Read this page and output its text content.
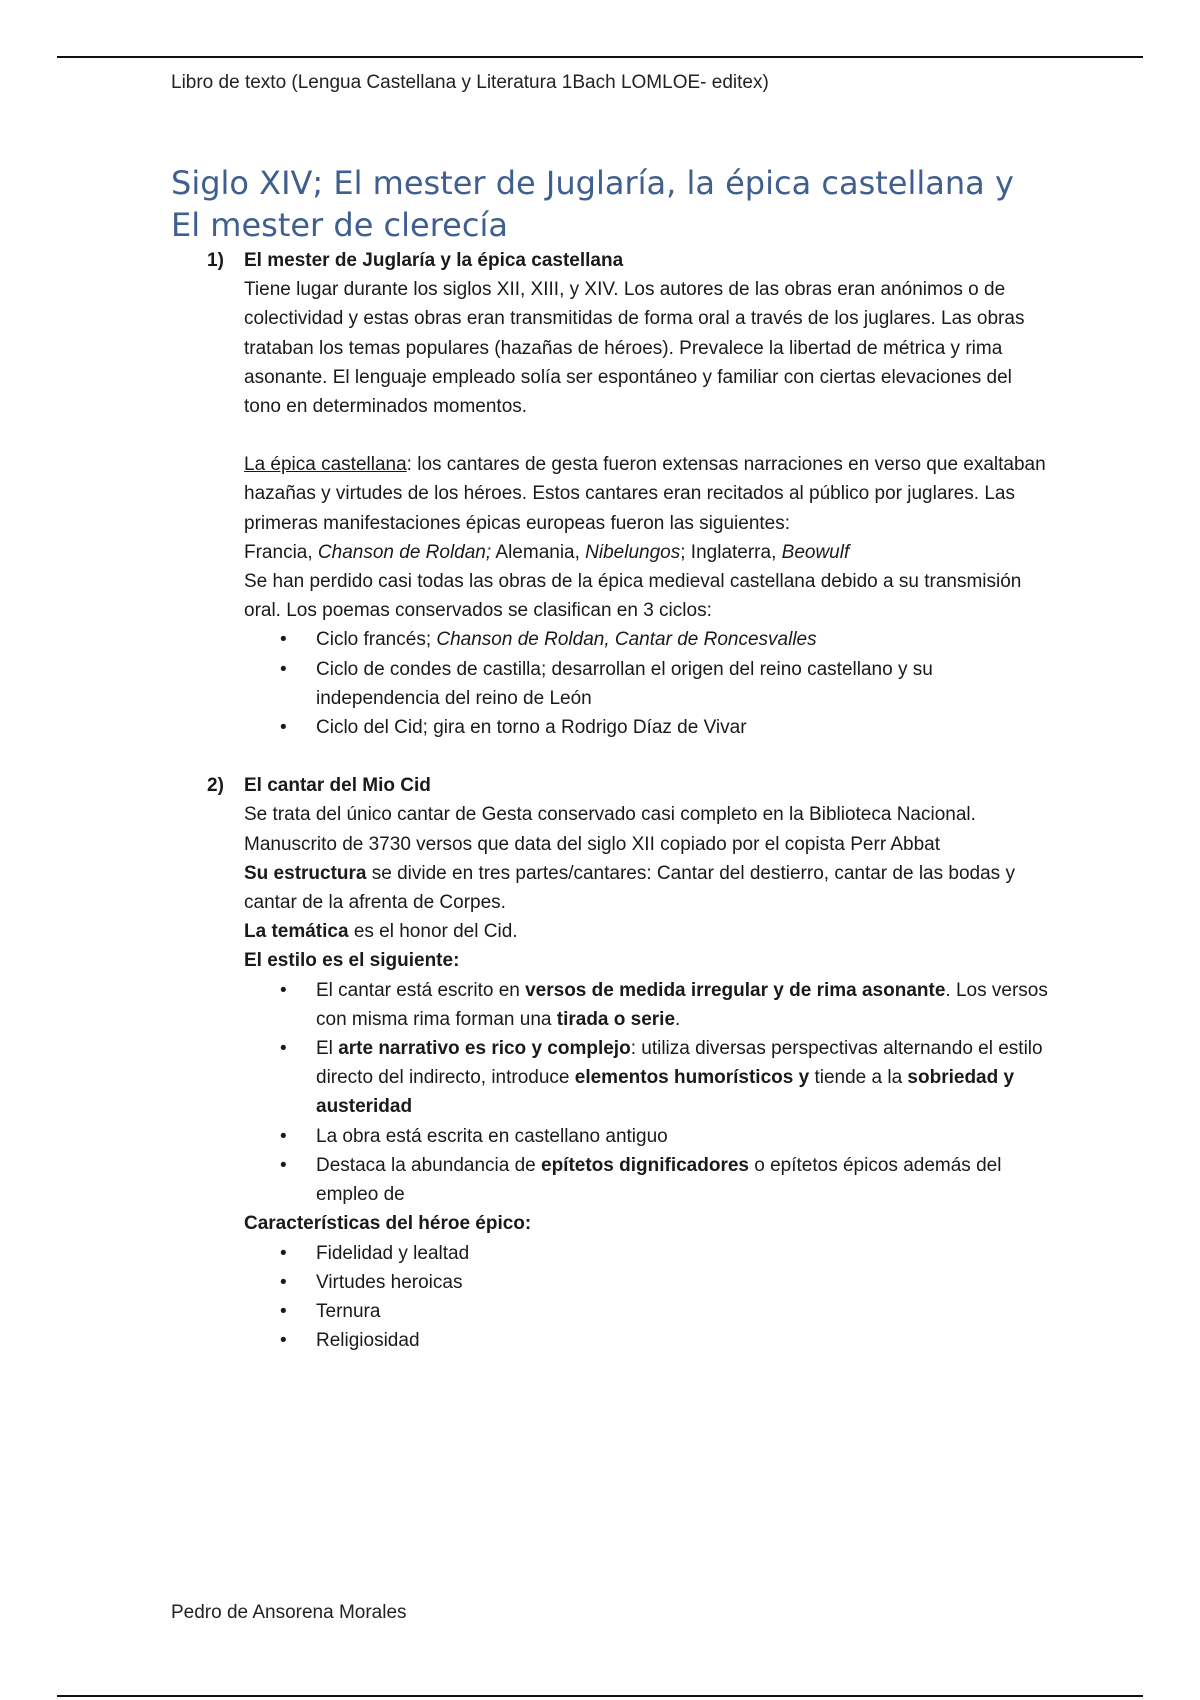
Libro de texto (Lengua Castellana y Literatura 1Bach LOMLOE- editex)
Siglo XIV; El mester de Juglaría, la épica castellana y
El mester de clerecía
1) El mester de Juglaría y la épica castellana

Tiene lugar durante los siglos XII, XIII, y XIV. Los autores de las obras eran anónimos o de colectividad y estas obras eran transmitidas de forma oral a través de los juglares. Las obras trataban los temas populares (hazañas de héroes). Prevalece la libertad de métrica y rima asonante. El lenguaje empleado solía ser espontáneo y familiar con ciertas elevaciones del tono en determinados momentos.

La épica castellana: los cantares de gesta fueron extensas narraciones en verso que exaltaban hazañas y virtudes de los héroes. Estos cantares eran recitados al público por juglares. Las primeras manifestaciones épicas europeas fueron las siguientes:

Francia, Chanson de Roldan; Alemania, Nibelungos; Inglaterra, Beowulf

Se han perdido casi todas las obras de la épica medieval castellana debido a su transmisión oral. Los poemas conservados se clasifican en 3 ciclos:

• Ciclo francés; Chanson de Roldan, Cantar de Roncesvalles
• Ciclo de condes de castilla; desarrollan el origen del reino castellano y su independencia del reino de León
• Ciclo del Cid; gira en torno a Rodrigo Díaz de Vivar
2) El cantar del Mio Cid

Se trata del único cantar de Gesta conservado casi completo en la Biblioteca Nacional. Manuscrito de 3730 versos que data del siglo XII copiado por el copista Perr Abbat

Su estructura se divide en tres partes/cantares: Cantar del destierro, cantar de las bodas y cantar de la afrenta de Corpes.

La temática es el honor del Cid.

El estilo es el siguiente:

• El cantar está escrito en versos de medida irregular y de rima asonante. Los versos con misma rima forman una tirada o serie.
• El arte narrativo es rico y complejo: utiliza diversas perspectivas alternando el estilo directo del indirecto, introduce elementos humorísticos y tiende a la sobriedad y austeridad
• La obra está escrita en castellano antiguo
• Destaca la abundancia de epítetos dignificadores o epítetos épicos además del empleo de

Características del héroe épico:

• Fidelidad y lealtad
• Virtudes heroicas
• Ternura
• Religiosidad
Pedro de Ansorena Morales
